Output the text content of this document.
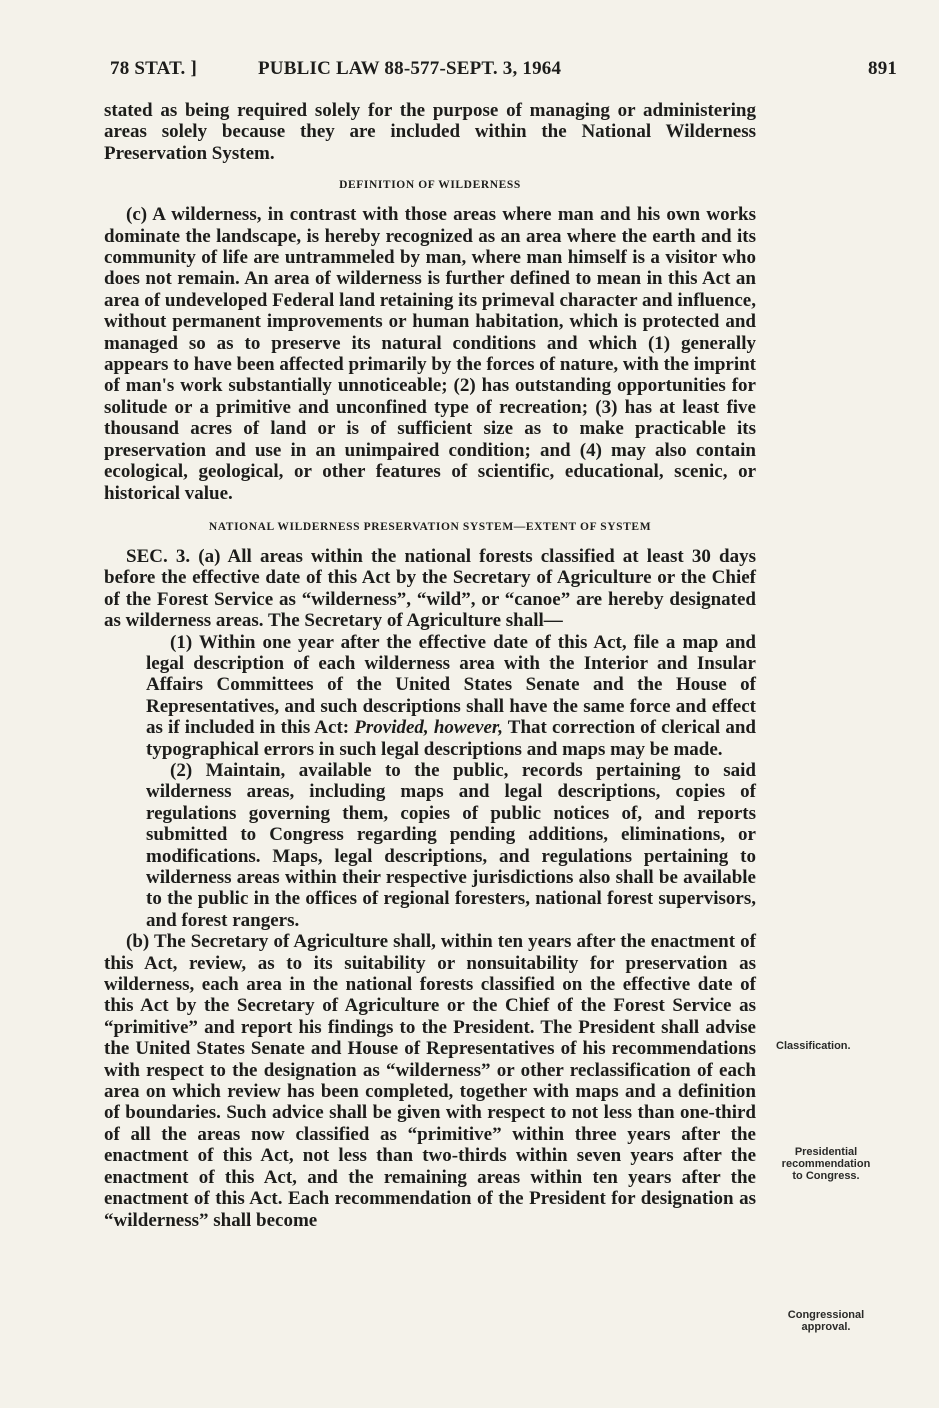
78 STAT. ]	PUBLIC LAW 88-577-SEPT. 3, 1964	891

stated as being required solely for the purpose of managing or administering areas solely because they are included within the National Wilderness Preservation System.

DEFINITION OF WILDERNESS

(c) A wilderness, in contrast with those areas where man and his own works dominate the landscape, is hereby recognized as an area where the earth and its community of life are untrammeled by man, where man himself is a visitor who does not remain. An area of wilderness is further defined to mean in this Act an area of undeveloped Federal land retaining its primeval character and influence, without permanent improvements or human habitation, which is protected and managed so as to preserve its natural conditions and which (1) generally appears to have been affected primarily by the forces of nature, with the imprint of man's work substantially unnoticeable; (2) has outstanding opportunities for solitude or a primitive and unconfined type of recreation; (3) has at least five thousand acres of land or is of sufficient size as to make practicable its preservation and use in an unimpaired condition; and (4) may also contain ecological, geological, or other features of scientific, educational, scenic, or historical value.

NATIONAL WILDERNESS PRESERVATION SYSTEM—EXTENT OF SYSTEM

SEC. 3. (a) All areas within the national forests classified at least 30 days before the effective date of this Act by the Secretary of Agriculture or the Chief of the Forest Service as “wilderness”, “wild”, or “canoe” are hereby designated as wilderness areas. The Secretary of Agriculture shall—

(1) Within one year after the effective date of this Act, file a map and legal description of each wilderness area with the Interior and Insular Affairs Committees of the United States Senate and the House of Representatives, and such descriptions shall have the same force and effect as if included in this Act: Provided, however, That correction of clerical and typographical errors in such legal descriptions and maps may be made.

(2) Maintain, available to the public, records pertaining to said wilderness areas, including maps and legal descriptions, copies of regulations governing them, copies of public notices of, and reports submitted to Congress regarding pending additions, eliminations, or modifications. Maps, legal descriptions, and regulations pertaining to wilderness areas within their respective jurisdictions also shall be available to the public in the offices of regional foresters, national forest supervisors, and forest rangers.

(b) The Secretary of Agriculture shall, within ten years after the enactment of this Act, review, as to its suitability or nonsuitability for preservation as wilderness, each area in the national forests classified on the effective date of this Act by the Secretary of Agriculture or the Chief of the Forest Service as “primitive” and report his findings to the President. The President shall advise the United States Senate and House of Representatives of his recommendations with respect to the designation as “wilderness” or other reclassification of each area on which review has been completed, together with maps and a definition of boundaries. Such advice shall be given with respect to not less than one-third of all the areas now classified as “primitive” within three years after the enactment of this Act, not less than two-thirds within seven years after the enactment of this Act, and the remaining areas within ten years after the enactment of this Act. Each recommendation of the President for designation as “wilderness” shall become

Classification.
Presidential
recommendation
to Congress.
Congressional
approval.
